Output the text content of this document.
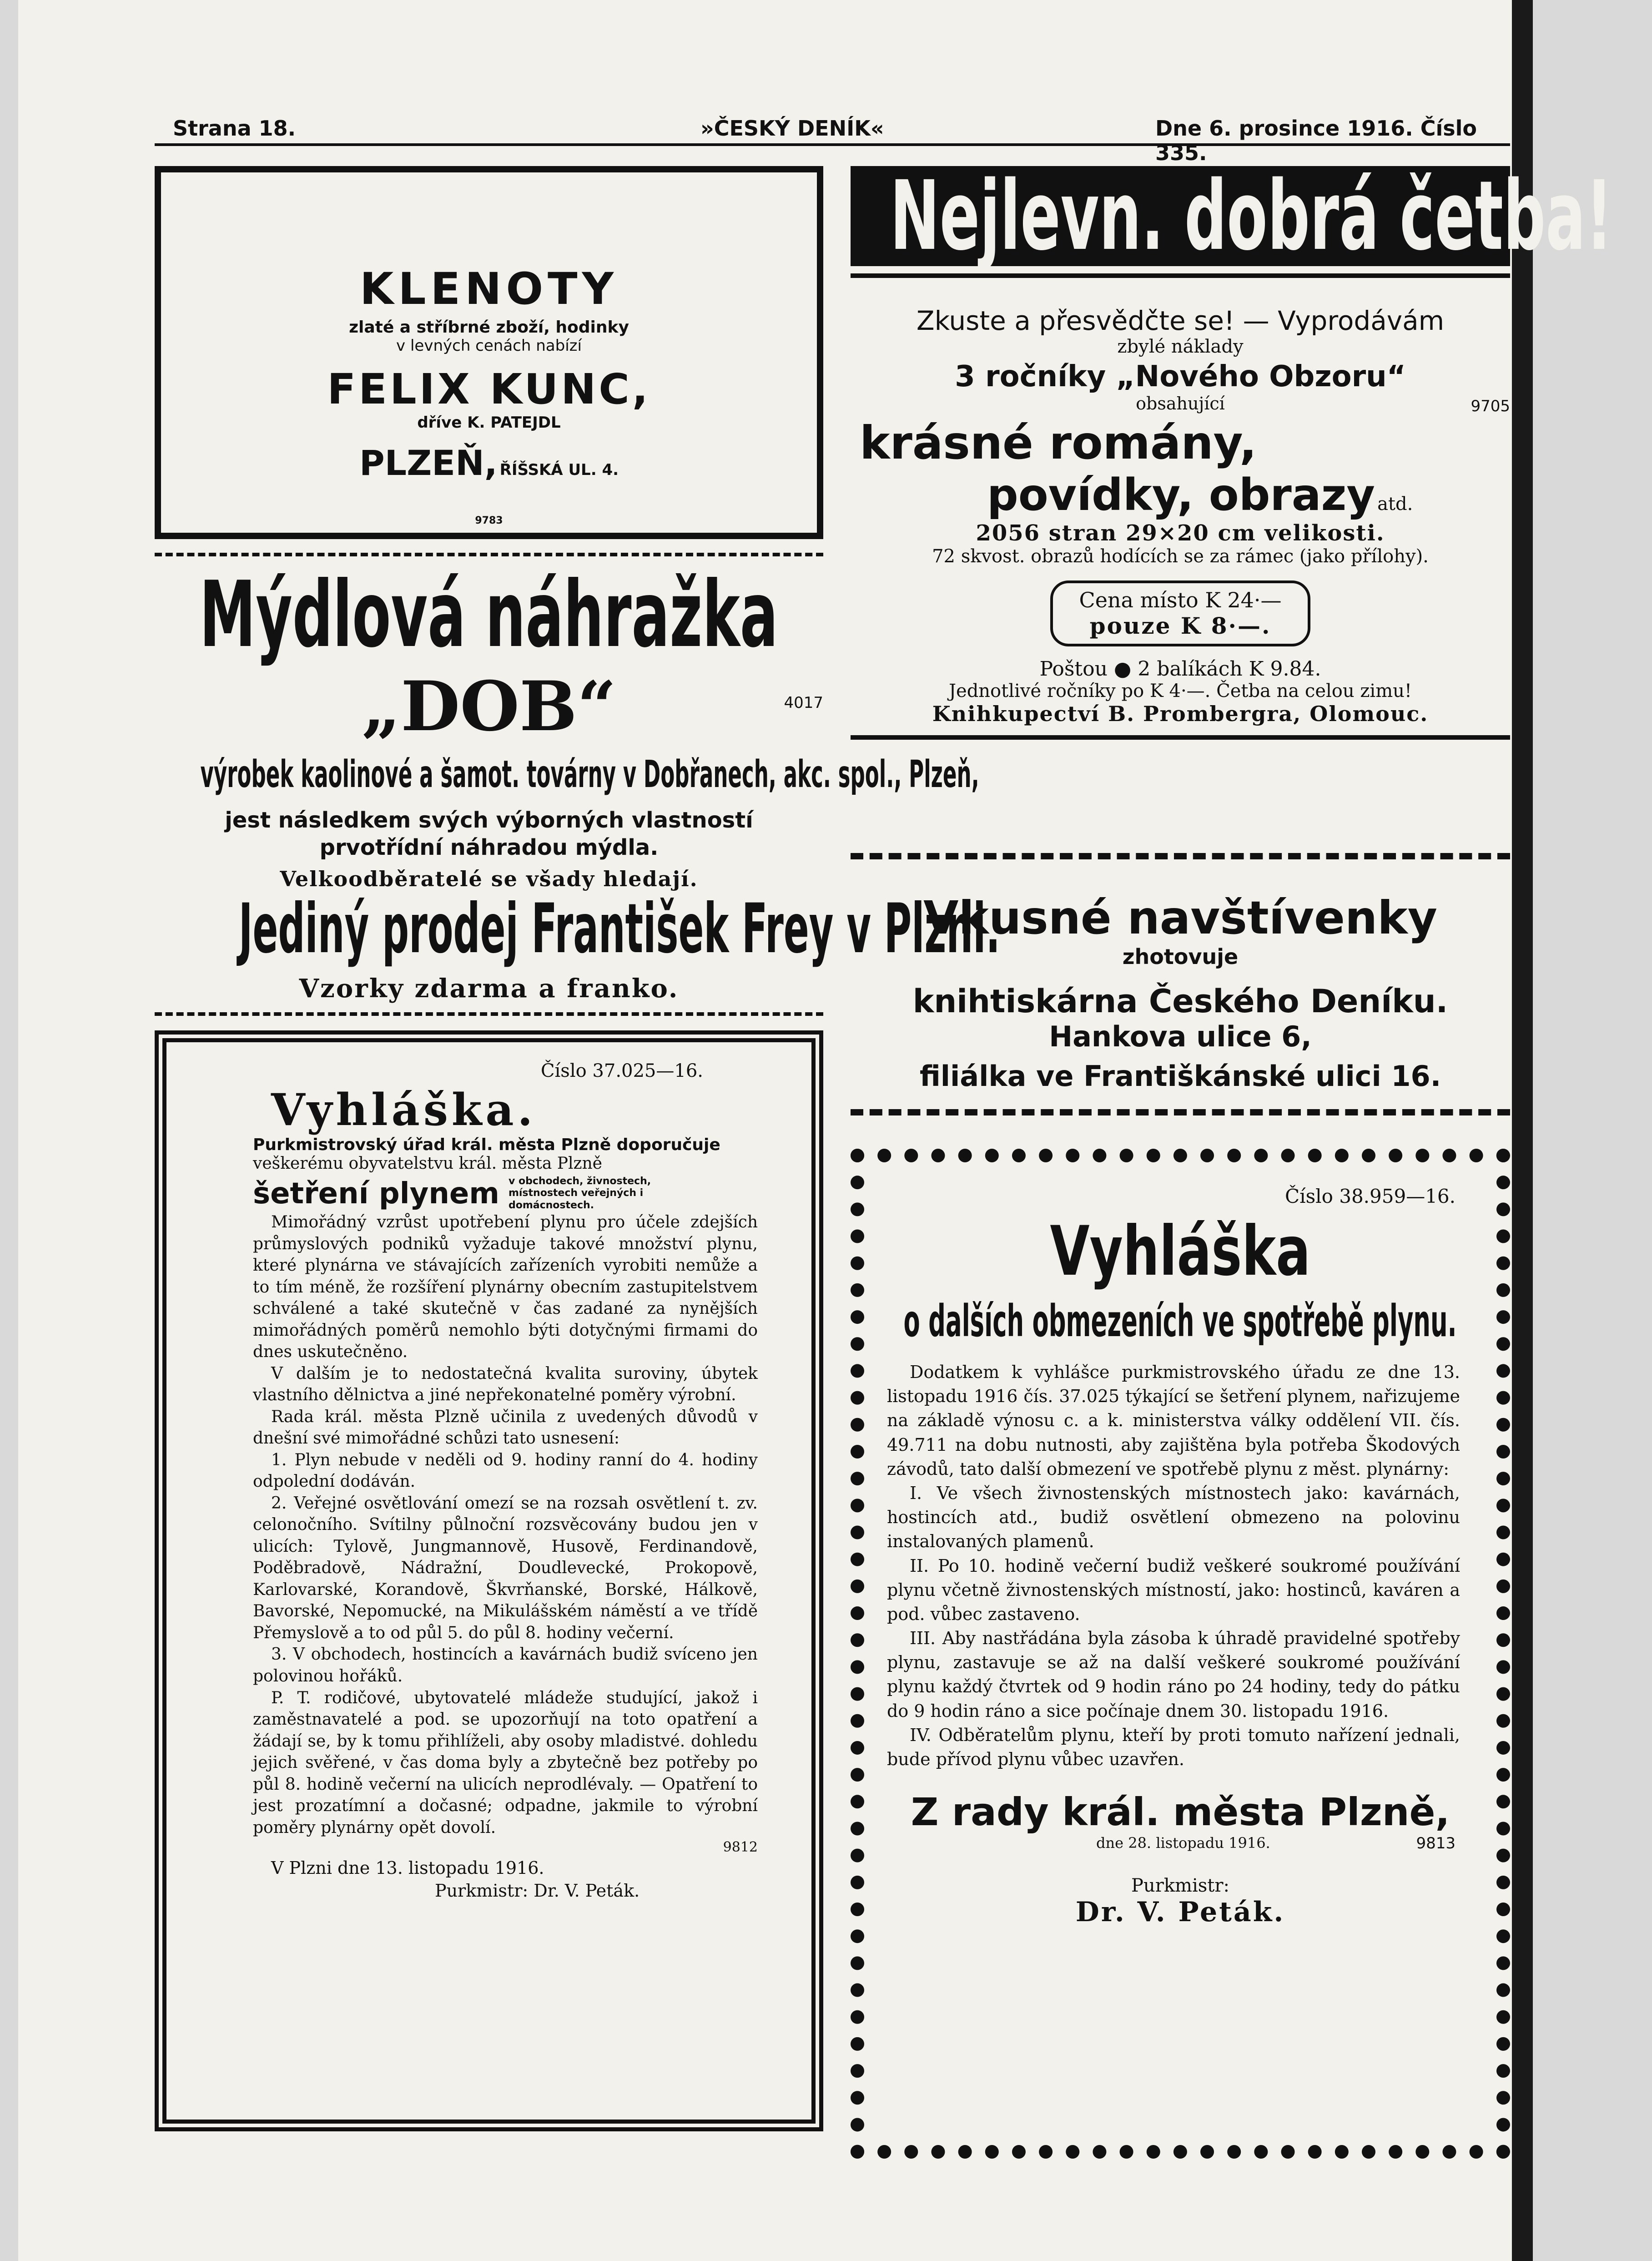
Strana 18.	»ČESKÝ DENÍK«	Dne 6. prosince 1916. Číslo 335.
KLENOTY
zlaté a stříbrné zboží, hodinky
v levných cenách nabízí
FELIX KUNC,
dříve K. PATEJDL
PLZEŇ, ŘÍŠSKÁ UL. 4.
9783
Mýdlová náhražka
„DOB“	4017
výrobek kaolinové a šamot. továrny v Dobřanech, akc. spol., Plzeň,
jest následkem svých výborných vlastností
prvotřídní náhradou mýdla.
Velkoodběratelé se všady hledají.
Jediný prodej František Frey v Plzni.
Vzorky zdarma a franko.
Číslo 37.025—16.
Vyhláška.
Purkmistrovský úřad král. města Plzně doporučuje
veškerému obyvatelstvu král. města Plzně
šetření plynem v obchodech, živnostech, místnostech veřejných i domácnostech.

Mimořádný vzrůst upotřebení plynu pro účele zdejších průmyslových podniků vyžaduje takové množství plynu, které plynárna ve stávajících zařízeních vyrobiti nemůže a to tím méně, že rozšíření plynárny obecním zastupitelstvem schválené a také skutečně v čas zadané za nynějších mimořádných poměrů nemohlo býti dotyčnými firmami do dnes uskutečněno.

V dalším je to nedostatečná kvalita suroviny, úbytek vlastního dělnictva a jiné nepřekonatelné poměry výrobní.

Rada král. města Plzně učinila z uvedených důvodů v dnešní své mimořádné schůzi tato usnesení:

1. Plyn nebude v neděli od 9. hodiny ranní do 4. hodiny odpolední dodáván.

2. Veřejné osvětlování omezí se na rozsah osvětlení t. zv. celonočního. Svítilny půlnoční rozsvěcovány budou jen v ulicích: Tylově, Jungmannově, Husově, Ferdinandově, Poděbradově, Nádražní, Doudlevecké, Prokopově, Karlovarské, Korandově, Škvrňanské, Borské, Hálkově, Bavorské, Nepomucké, na Mikulášském náměstí a ve třídě Přemyslově a to od půl 5. do půl 8. hodiny večerní.

3. V obchodech, hostincích a kavárnách budiž svíceno jen polovinou hořáků.

P. T. rodičové, ubytovatelé mládeže studující, jakož i zaměstnavatelé a pod. se upozorňují na toto opatření a žádají se, by k tomu přihlíželi, aby osoby mladistvé. dohledu jejich svěřené, v čas doma byly a zbytečně bez potřeby po půl 8. hodině večerní na ulicích neprodlévaly. — Opatření to jest prozatímní a dočasné; odpadne, jakmile to výrobní poměry plynárny opět dovolí.

9812
V Plzni dne 13. listopadu 1916.
Purkmistr: Dr. V. Peták.
Nejlevn. dobrá četba!
Zkuste a přesvědčte se! — Vyprodávám
zbylé náklady
3 ročníky „Nového Obzoru“
obsahující	9705
krásné romány,
povídky, obrazy atd.
2056 stran 29×20 cm velikosti.
72 skvost. obrazů hodících se za rámec (jako přílohy).
Cena místo K 24·—
pouze K 8·—.
Poštou ● 2 balíkách K 9.84.
Jednotlivé ročníky po K 4·—. Četba na celou zimu!
Knihkupectví B. Prombergra, Olomouc.
Vkusné navštívenky
zhotovuje
knihtiskárna Českého Deníku.
Hankova ulice 6,
filiálka ve Františkánské ulici 16.
Číslo 38.959—16.
Vyhláška
o dalších obmezeních ve spotřebě plynu.

Dodatkem k vyhlášce purkmistrovského úřadu ze dne 13. listopadu 1916 čís. 37.025 týkající se šetření plynem, nařizujeme na základě výnosu c. a k. ministerstva války oddělení VII. čís. 49.711 na dobu nutnosti, aby zajištěna byla potřeba Škodových závodů, tato další obmezení ve spotřebě plynu z měst. plynárny:

I. Ve všech živnostenských místnostech jako: kavárnách, hostincích atd., budiž osvětlení obmezeno na polovinu instalovaných plamenů.

II. Po 10. hodině večerní budiž veškeré soukromé používání plynu včetně živnostenských místností, jako: hostinců, kaváren a pod. vůbec zastaveno.

III. Aby nastřádána byla zásoba k úhradě pravidelné spotřeby plynu, zastavuje se až na další veškeré soukromé používání plynu každý čtvrtek od 9 hodin ráno po 24 hodiny, tedy do pátku do 9 hodin ráno a sice počínaje dnem 30. listopadu 1916.

IV. Odběratelům plynu, kteří by proti tomuto nařízení jednali, bude přívod plynu vůbec uzavřen.

Z rady král. města Plzně,
dne 28. listopadu 1916.	9813
Purkmistr:
Dr. V. Peták.
